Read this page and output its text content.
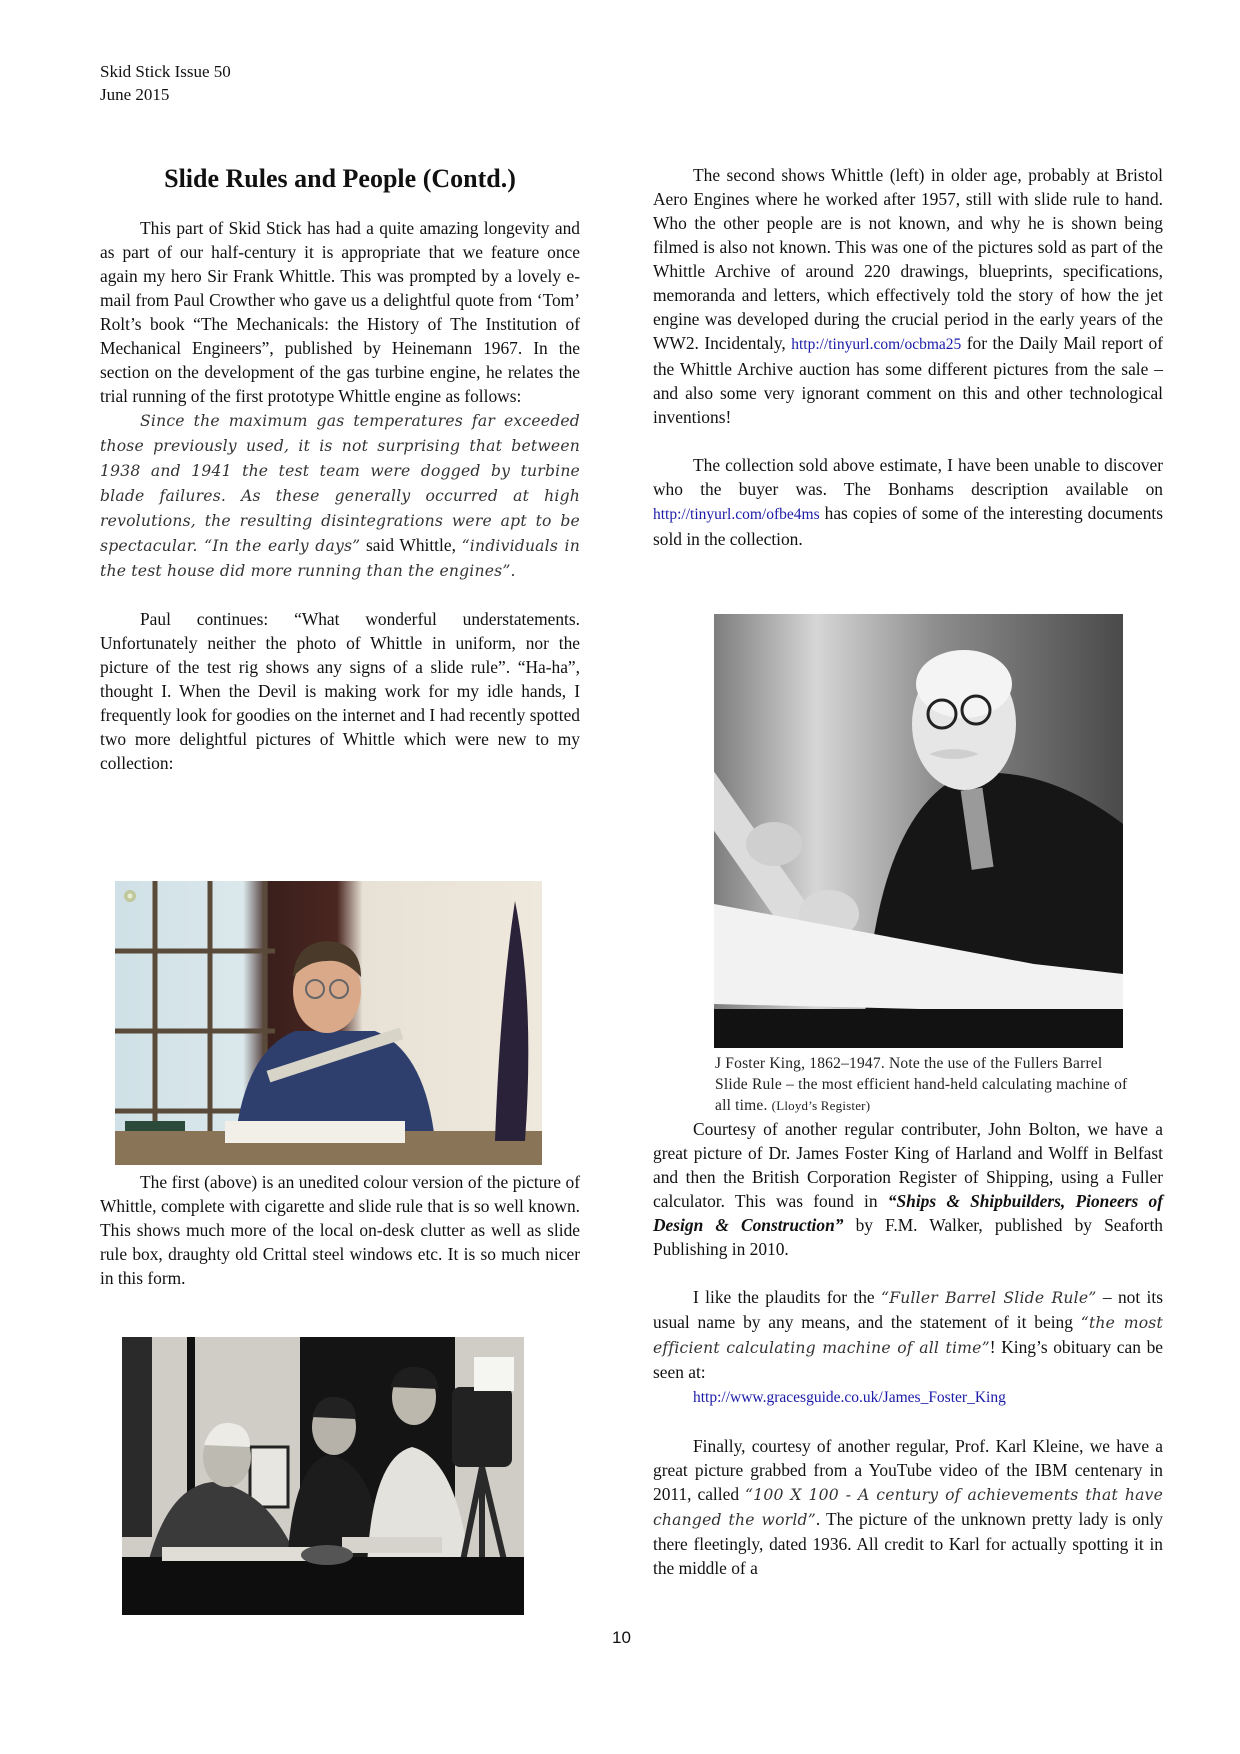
Skid Stick Issue 50
June 2015
Slide Rules and People (Contd.)

This part of Skid Stick has had a quite amazing longevity and as part of our half-century it is appropriate that we feature once again my hero Sir Frank Whittle. This was prompted by a lovely e-mail from Paul Crowther who gave us a delightful quote from ‘Tom’ Rolt’s book “The Mechanicals: the History of The Institution of Mechanical Engineers”, published by Heinemann 1967. In the section on the development of the gas turbine engine, he relates the trial running of the first prototype Whittle engine as follows:

Since the maximum gas temperatures far exceeded those previously used, it is not surprising that between 1938 and 1941 the test team were dogged by turbine blade failures. As these generally occurred at high revolutions, the resulting disintegrations were apt to be spectacular. “In the early days” said Whittle, “individuals in the test house did more running than the engines”.

Paul continues: “What wonderful understatements. Unfortunately neither the photo of Whittle in uniform, nor the picture of the test rig shows any signs of a slide rule”. “Ha-ha”, thought I. When the Devil is making work for my idle hands, I frequently look for goodies on the internet and I had recently spotted two more delightful pictures of Whittle which were new to my collection:

The first (above) is an unedited colour version of the picture of Whittle, complete with cigarette and slide rule that is so well known. This shows much more of the local on-desk clutter as well as slide rule box, draughty old Crittal steel windows etc. It is so much nicer in this form.

The second shows Whittle (left) in older age, probably at Bristol Aero Engines where he worked after 1957, still with slide rule to hand. Who the other people are is not known, and why he is shown being filmed is also not known. This was one of the pictures sold as part of the Whittle Archive of around 220 drawings, blueprints, specifications, memoranda and letters, which effectively told the story of how the jet engine was developed during the crucial period in the early years of the WW2. Incidentaly, http://tinyurl.com/ocbma25 for the Daily Mail report of the Whittle Archive auction has some different pictures from the sale – and also some very ignorant comment on this and other technological inventions!

The collection sold above estimate, I have been unable to discover who the buyer was. The Bonhams description available on http://tinyurl.com/ofbe4ms has copies of some of the interesting documents sold in the collection.

J Foster King, 1862–1947. Note the use of the Fullers Barrel Slide Rule – the most efficient hand-held calculating machine of all time. (Lloyd’s Register)

Courtesy of another regular contributer, John Bolton, we have a great picture of Dr. James Foster King of Harland and Wolff in Belfast and then the British Corporation Register of Shipping, using a Fuller calculator. This was found in “Ships & Shipbuilders, Pioneers of Design & Construction” by F.M. Walker, published by Seaforth Publishing in 2010.

I like the plaudits for the “Fuller Barrel Slide Rule” – not its usual name by any means, and the statement of it being “the most efficient calculating machine of all time”! King’s obituary can be seen at:

http://www.gracesguide.co.uk/James_Foster_King

Finally, courtesy of another regular, Prof. Karl Kleine, we have a great picture grabbed from a YouTube video of the IBM centenary in 2011, called “100 X 100 - A century of achievements that have changed the world”. The picture of the unknown pretty lady is only there fleetingly, dated 1936. All credit to Karl for actually spotting it in the middle of a

10
